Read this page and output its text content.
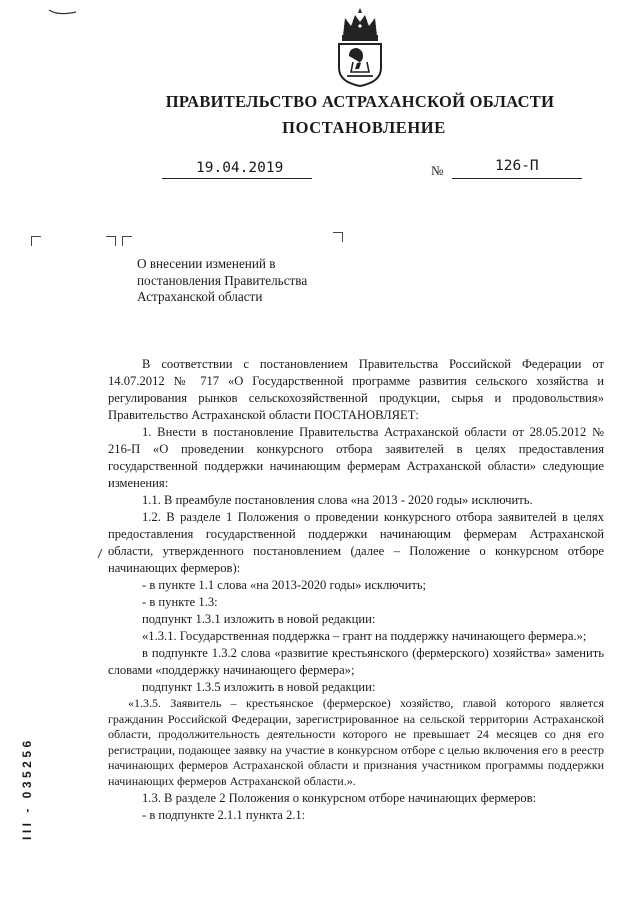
ПРАВИТЕЛЬСТВО АСТРАХАНСКОЙ ОБЛАСТИ
ПОСТАНОВЛЕНИЕ
19.04.2019	№	126-П
О внесении изменений в постановления Правительства Астраханской области

В соответствии с постановлением Правительства Российской Федерации от 14.07.2012 № 717 «О Государственной программе развития сельского хозяйства и регулирования рынков сельскохозяйственной продукции, сырья и продовольствия» Правительство Астраханской области ПОСТАНОВЛЯЕТ:

1. Внести в постановление Правительства Астраханской области от 28.05.2012 № 216-П «О проведении конкурсного отбора заявителей в целях предоставления государственной поддержки начинающим фермерам Астраханской области» следующие изменения:

1.1. В преамбуле постановления слова «на 2013 - 2020 годы» исключить.

1.2. В разделе 1 Положения о проведении конкурсного отбора заявителей в целях предоставления государственной поддержки начинающим фермерам Астраханской области, утвержденного постановлением (далее – Положение о конкурсном отборе начинающих фермеров):

- в пункте 1.1 слова «на 2013-2020 годы» исключить;

- в пункте 1.3:

подпункт 1.3.1 изложить в новой редакции:

«1.3.1. Государственная поддержка – грант на поддержку начинающего фермера.»;

в подпункте 1.3.2 слова «развитие крестьянского (фермерского) хозяйства» заменить словами «поддержку начинающего фермера»;

подпункт 1.3.5 изложить в новой редакции:

«1.3.5. Заявитель – крестьянское (фермерское) хозяйство, главой которого является гражданин Российской Федерации, зарегистрированное на сельской территории Астраханской области, продолжительность деятельности которого не превышает 24 месяцев со дня его регистрации, подающее заявку на участие в конкурсном отборе с целью включения его в реестр начинающих фермеров Астраханской области и признания участником программы поддержки начинающих фермеров Астраханской области.».

1.3. В разделе 2 Положения о конкурсном отборе начинающих фермеров:

- в подпункте 2.1.1 пункта 2.1:

III - 035256
